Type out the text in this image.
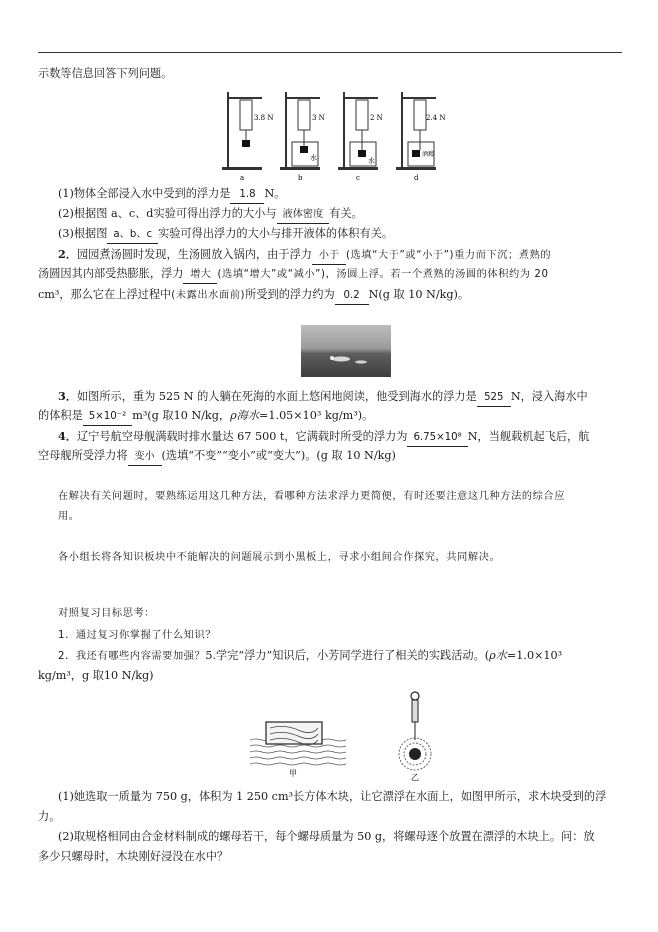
示数等信息回答下列问题。
3.8 N
a
3 N
水
b
2 N
水
c
2.4 N
酒精
d
(1)物体全部浸入水中受到的浮力是 1.8 N。
(2)根据图 a、c、d实验可得出浮力的大小与 液体密度 有关。
(3)根据图 a、b、c 实验可得出浮力的大小与排开液体的体积有关。
2．园园煮汤圆时发现，生汤圆放入锅内，由于浮力 小于 (选填“大于”或“小于”)重力而下沉；煮熟的
汤圆因其内部受热膨胀，浮力 增大 (选填“增大”或“减小”)，汤圆上浮。若一个煮熟的汤圆的体积约为 20
cm³，那么它在上浮过程中(未露出水面前)所受到的浮力约为 0.2 N(g 取 10 N/kg)。
3．如图所示，重为 525 N 的人躺在死海的水面上悠闲地阅读，他受到海水的浮力是 525 N，浸入海水中
的体积是 5×10⁻²m³(g 取10 N/kg，ρ海水=1.05×10³ kg/m³)。
4．辽宁号航空母舰满载时排水量达 67 500 t，它满载时所受的浮力为 6.75×10⁸ N，当舰载机起飞后，航
空母舰所受浮力将 变小 (选填“不变”“变小”或“变大”)。(g 取 10 N/kg)
在解决有关问题时，要熟练运用这几种方法，看哪种方法求浮力更简便，有时还要注意这几种方法的综合应
用。
各小组长将各知识板块中不能解决的问题展示到小黑板上，寻求小组间合作探究，共同解决。
对照复习目标思考：
1．通过复习你掌握了什么知识？
2．我还有哪些内容需要加强？5.学完“浮力”知识后，小芳同学进行了相关的实践活动。(ρ水=1.0×10³
kg/m³，g 取10 N/kg)
甲	乙
(1)她选取一质量为 750 g，体积为 1 250 cm³长方体木块，让它漂浮在水面上，如图甲所示，求木块受到的浮
力。
(2)取规格相同由合金材料制成的螺母若干，每个螺母质量为 50 g，将螺母逐个放置在漂浮的木块上。问：放
多少只螺母时，木块刚好浸没在水中？
